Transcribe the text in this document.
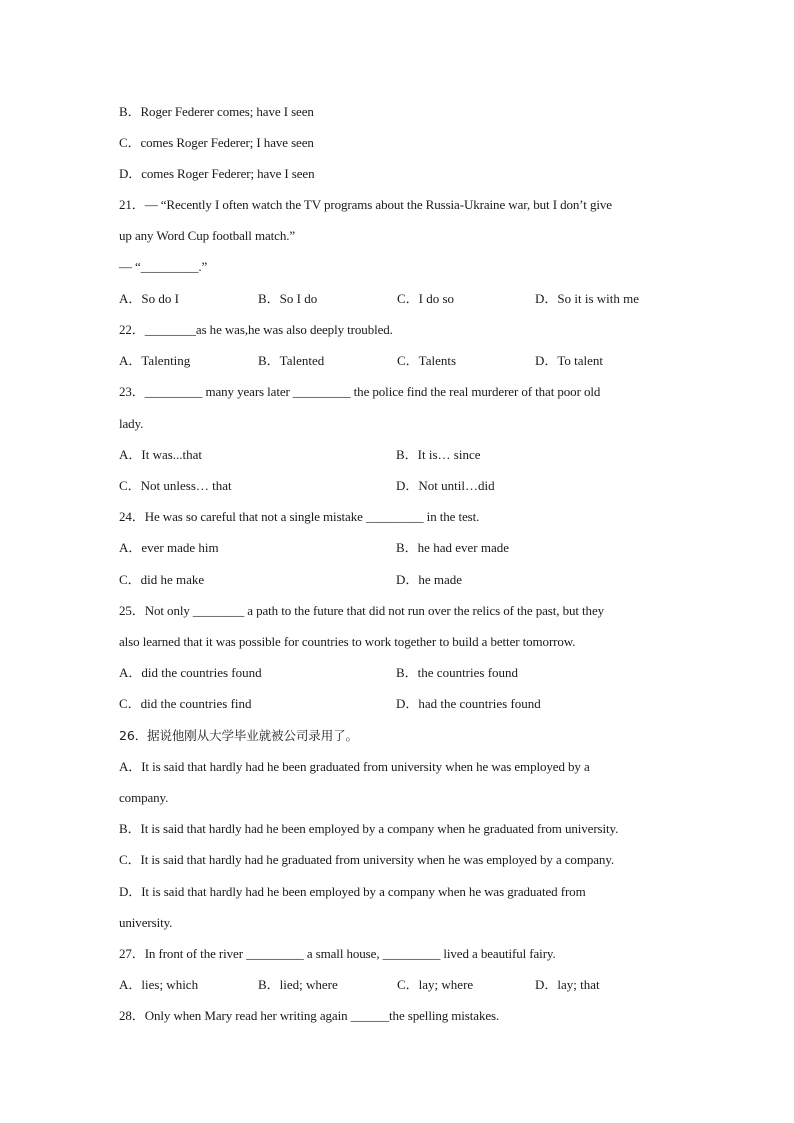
B．Roger Federer comes; have I seen
C．comes Roger Federer; I have seen
D．comes Roger Federer; have I seen
21．— “Recently I often watch the TV programs about the Russia-Ukraine war, but I don’t give
up any Word Cup football match.”
— “_________.”
A．So do I	B．So I do	C．I do so	D．So it is with me
22．________as he was,he was also deeply troubled.
A．Talenting	B．Talented	C．Talents	D．To talent
23．_________ many years later _________ the police find the real murderer of that poor old
lady.
A．It was...that	B．It is… since
C．Not unless… that	D．Not until…did
24．He was so careful that not a single mistake _________ in the test.
A．ever made him	B．he had ever made
C．did he make	D．he made
25．Not only ________ a path to the future that did not run over the relics of the past, but they
also learned that it was possible for countries to work together to build a better tomorrow.
A．did the countries found	B．the countries found
C．did the countries find	D．had the countries found
26．据说他刚从大学毕业就被公司录用了。
A．It is said that hardly had he been graduated from university when he was employed by a
company.
B．It is said that hardly had he been employed by a company when he graduated from university.
C．It is said that hardly had he graduated from university when he was employed by a company.
D．It is said that hardly had he been employed by a company when he was graduated from
university.
27．In front of the river _________ a small house, _________ lived a beautiful fairy.
A．lies; which	B．lied; where	C．lay; where	D．lay; that
28．Only when Mary read her writing again ______the spelling mistakes.
